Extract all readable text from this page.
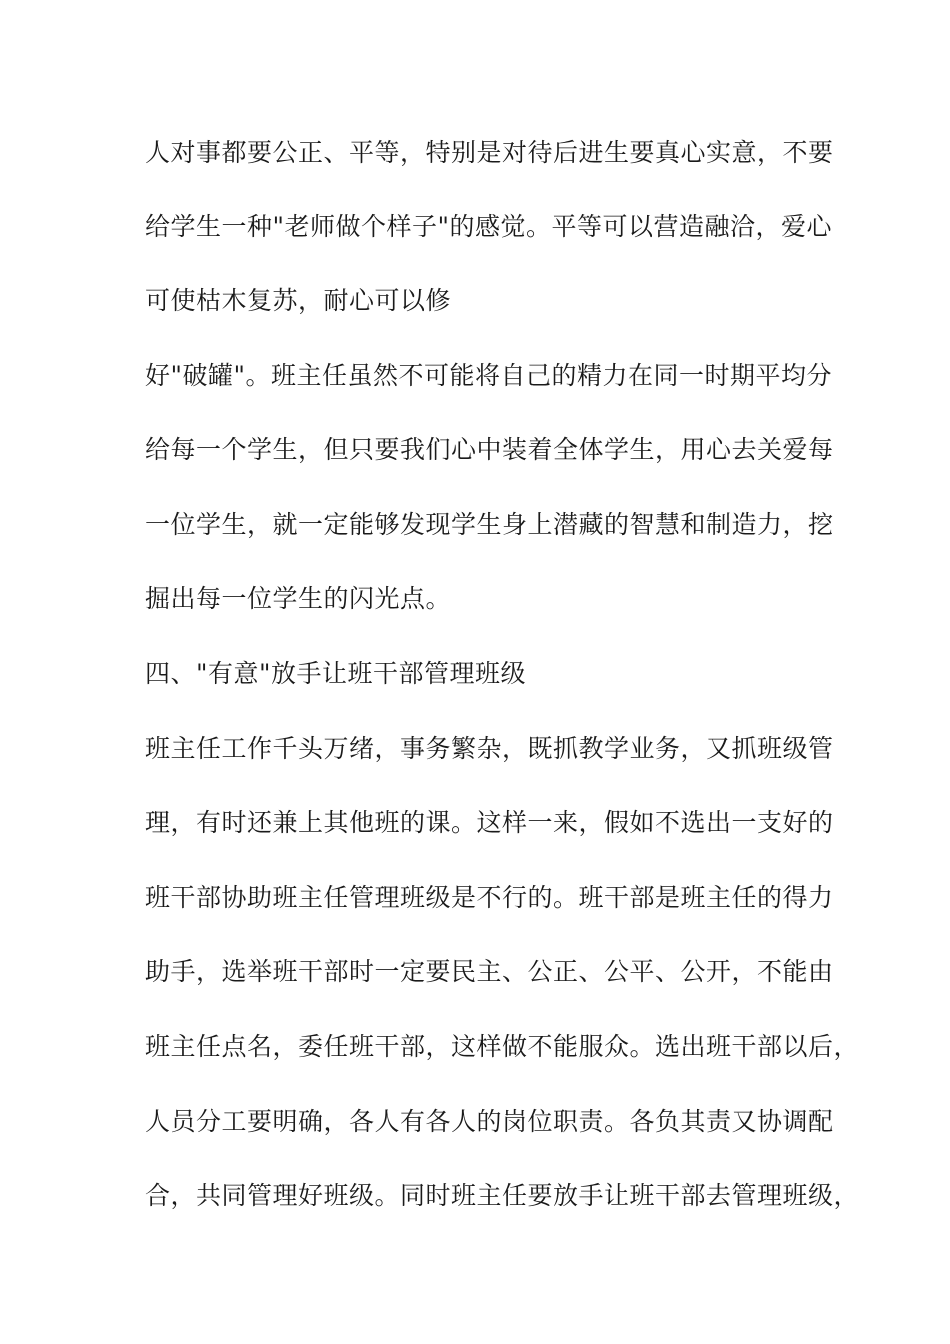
人对事都要公正、平等，特别是对待后进生要真心实意，不要
给学生一种"老师做个样子"的感觉。平等可以营造融洽，爱心
可使枯木复苏，耐心可以修
好"破罐"。班主任虽然不可能将自己的精力在同一时期平均分
给每一个学生，但只要我们心中装着全体学生，用心去关爱每
一位学生，就一定能够发现学生身上潜藏的智慧和制造力，挖
掘出每一位学生的闪光点。
四、"有意"放手让班干部管理班级
班主任工作千头万绪，事务繁杂，既抓教学业务，又抓班级管
理，有时还兼上其他班的课。这样一来，假如不选出一支好的
班干部协助班主任管理班级是不行的。班干部是班主任的得力
助手，选举班干部时一定要民主、公正、公平、公开，不能由
班主任点名，委任班干部，这样做不能服众。选出班干部以后，
人员分工要明确，各人有各人的岗位职责。各负其责又协调配
合，共同管理好班级。同时班主任要放手让班干部去管理班级，
